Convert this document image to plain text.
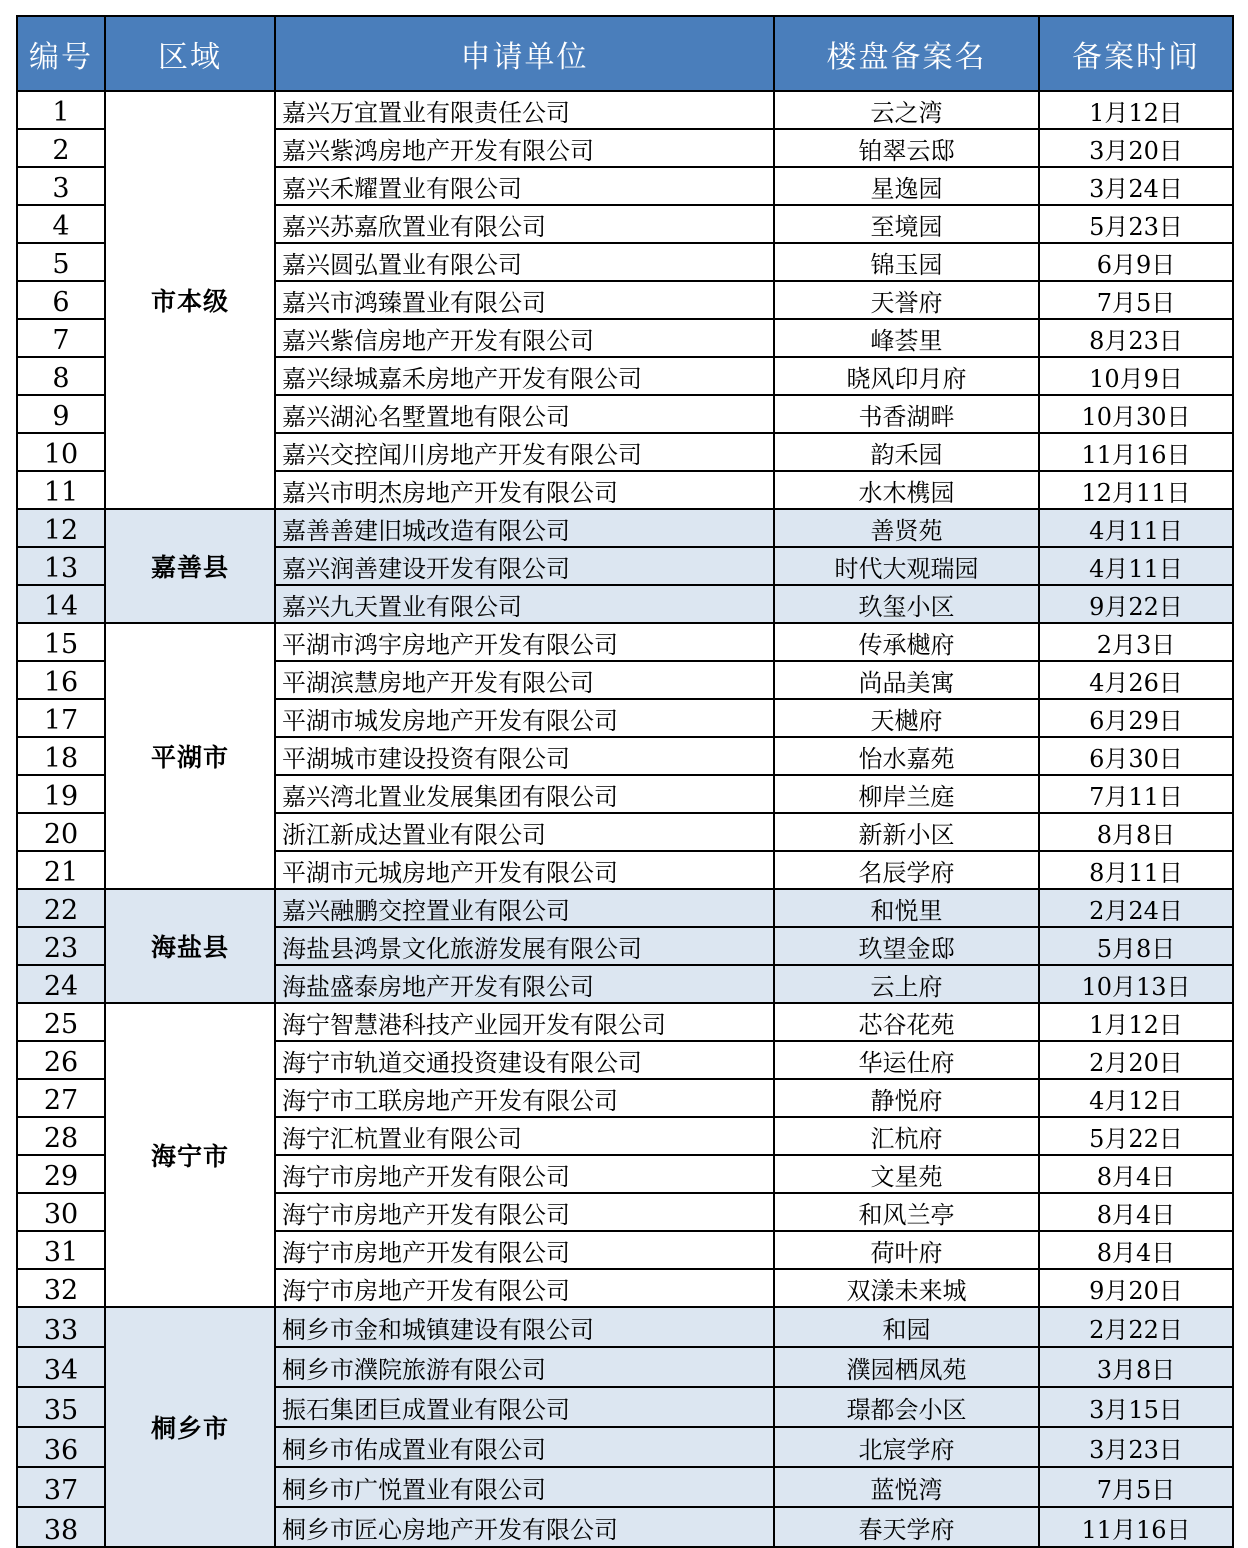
编号	区域	申请单位	楼盘备案名	备案时间
1	市本级	嘉兴万宜置业有限责任公司	云之湾	1月12日
2		嘉兴紫鸿房地产开发有限公司	铂翠云邸	3月20日
3		嘉兴禾耀置业有限公司	星逸园	3月24日
4		嘉兴苏嘉欣置业有限公司	至境园	5月23日
5		嘉兴圆弘置业有限公司	锦玉园	6月9日
6		嘉兴市鸿臻置业有限公司	天誉府	7月5日
7		嘉兴紫信房地产开发有限公司	峰荟里	8月23日
8		嘉兴绿城嘉禾房地产开发有限公司	晓风印月府	10月9日
9		嘉兴湖沁名墅置地有限公司	书香湖畔	10月30日
10		嘉兴交控闻川房地产开发有限公司	韵禾园	11月16日
11		嘉兴市明杰房地产开发有限公司	水木槜园	12月11日
12	嘉善县	嘉善善建旧城改造有限公司	善贤苑	4月11日
13		嘉兴润善建设开发有限公司	时代大观瑞园	4月11日
14		嘉兴九天置业有限公司	玖玺小区	9月22日
15	平湖市	平湖市鸿宇房地产开发有限公司	传承樾府	2月3日
16		平湖滨慧房地产开发有限公司	尚品美寓	4月26日
17		平湖市城发房地产开发有限公司	天樾府	6月29日
18		平湖城市建设投资有限公司	怡水嘉苑	6月30日
19		嘉兴湾北置业发展集团有限公司	柳岸兰庭	7月11日
20		浙江新成达置业有限公司	新新小区	8月8日
21		平湖市元城房地产开发有限公司	名辰学府	8月11日
22	海盐县	嘉兴融鹏交控置业有限公司	和悦里	2月24日
23		海盐县鸿景文化旅游发展有限公司	玖望金邸	5月8日
24		海盐盛泰房地产开发有限公司	云上府	10月13日
25	海宁市	海宁智慧港科技产业园开发有限公司	芯谷花苑	1月12日
26		海宁市轨道交通投资建设有限公司	华运仕府	2月20日
27		海宁市工联房地产开发有限公司	静悦府	4月12日
28		海宁汇杭置业有限公司	汇杭府	5月22日
29		海宁市房地产开发有限公司	文星苑	8月4日
30		海宁市房地产开发有限公司	和风兰亭	8月4日
31		海宁市房地产开发有限公司	荷叶府	8月4日
32		海宁市房地产开发有限公司	双漾未来城	9月20日
33	桐乡市	桐乡市金和城镇建设有限公司	和园	2月22日
34		桐乡市濮院旅游有限公司	濮园栖凤苑	3月8日
35		振石集团巨成置业有限公司	璟都会小区	3月15日
36		桐乡市佑成置业有限公司	北宸学府	3月23日
37		桐乡市广悦置业有限公司	蓝悦湾	7月5日
38		桐乡市匠心房地产开发有限公司	春天学府	11月16日
